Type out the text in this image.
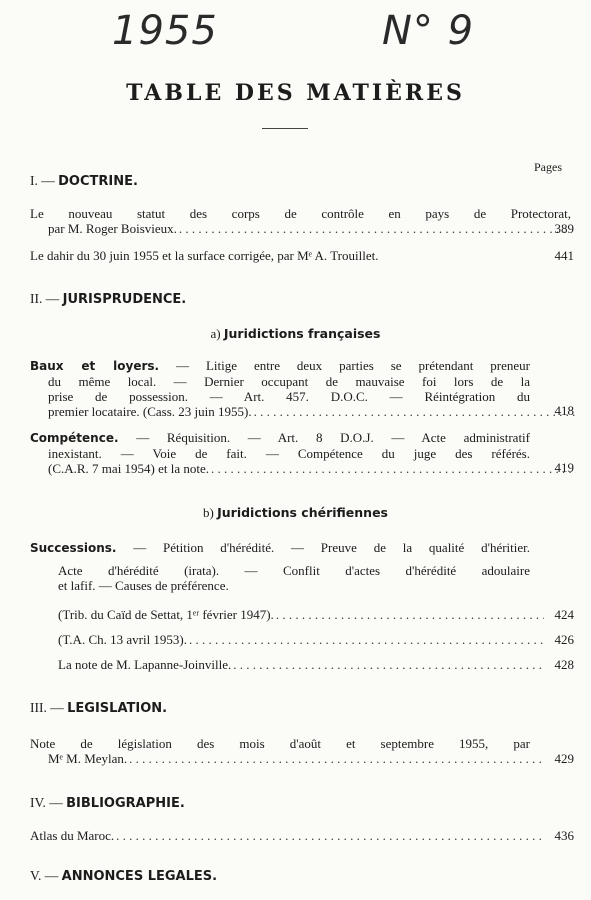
1955	N° 9
TABLE DES MATIÈRES
Pages
I. — DOCTRINE.
Le nouveau statut des corps de contrôle en pays de Protectorat,
par M. Roger Boisvieux. . . .	389
Le dahir du 30 juin 1955 et la surface corrigée, par Mᵉ A. Trouillet.	441
II. — JURISPRUDENCE.
a) Juridictions françaises
Baux et loyers. — Litige entre deux parties se prétendant preneur
du même local. — Dernier occupant de mauvaise foi lors de la
prise de possession. — Art. 457. D.O.C. — Réintégration du
premier locataire. (Cass. 23 juin 1955). . . .	418
Compétence. — Réquisition. — Art. 8 D.O.J. — Acte administratif
inexistant. — Voie de fait. — Compétence du juge des référés.
(C.A.R. 7 mai 1954) et la note. . . .	419
b) Juridictions chérifiennes
Successions. — Pétition d'hérédité. — Preuve de la qualité d'héritier.
Acte d'hérédité (irata). — Conflit d'actes d'hérédité adoulaire
et lafif. — Causes de préférence.
(Trib. du Caïd de Settat, 1ᵉʳ février 1947). . . .	424
(T.A. Ch. 13 avril 1953). . . .	426
La note de M. Lapanne-Joinville. . . .	428
III. — LEGISLATION.
Note de législation des mois d'août et septembre 1955, par
Mᵉ M. Meylan. . . .	429
IV. — BIBLIOGRAPHIE.
Atlas du Maroc. . . .	436
V. — ANNONCES LEGALES.
